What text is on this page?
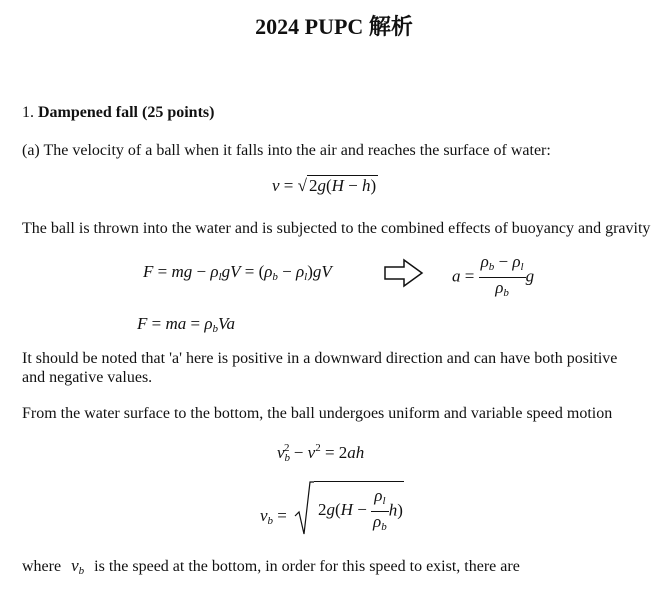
2024 PUPC 解析
1. Dampened fall (25 points)
(a) The velocity of a ball when it falls into the air and reaches the surface of water:
v = √ 2g(H − h)
The ball is thrown into the water and is subjected to the combined effects of buoyancy and gravity
F = mg − $\rho_lgV = (\rho_b - \rho_l)gV$	$a = \frac{\rho_b - \rho_l}{\rho_b}$ g
F = ma = $\rho_bVa$
It should be noted that 'a' here is positive in a downward direction and can have both positive
and negative values.
From the water surface to the bottom, the ball undergoes uniform and variable speed motion
$v_b^2 - v^2 = 2ah$
$v_b = 2g(H - \frac{\rho_l}{\rho_b} h)$
where $v_b$ is the speed at the bottom, in order for this speed to exist, there are
